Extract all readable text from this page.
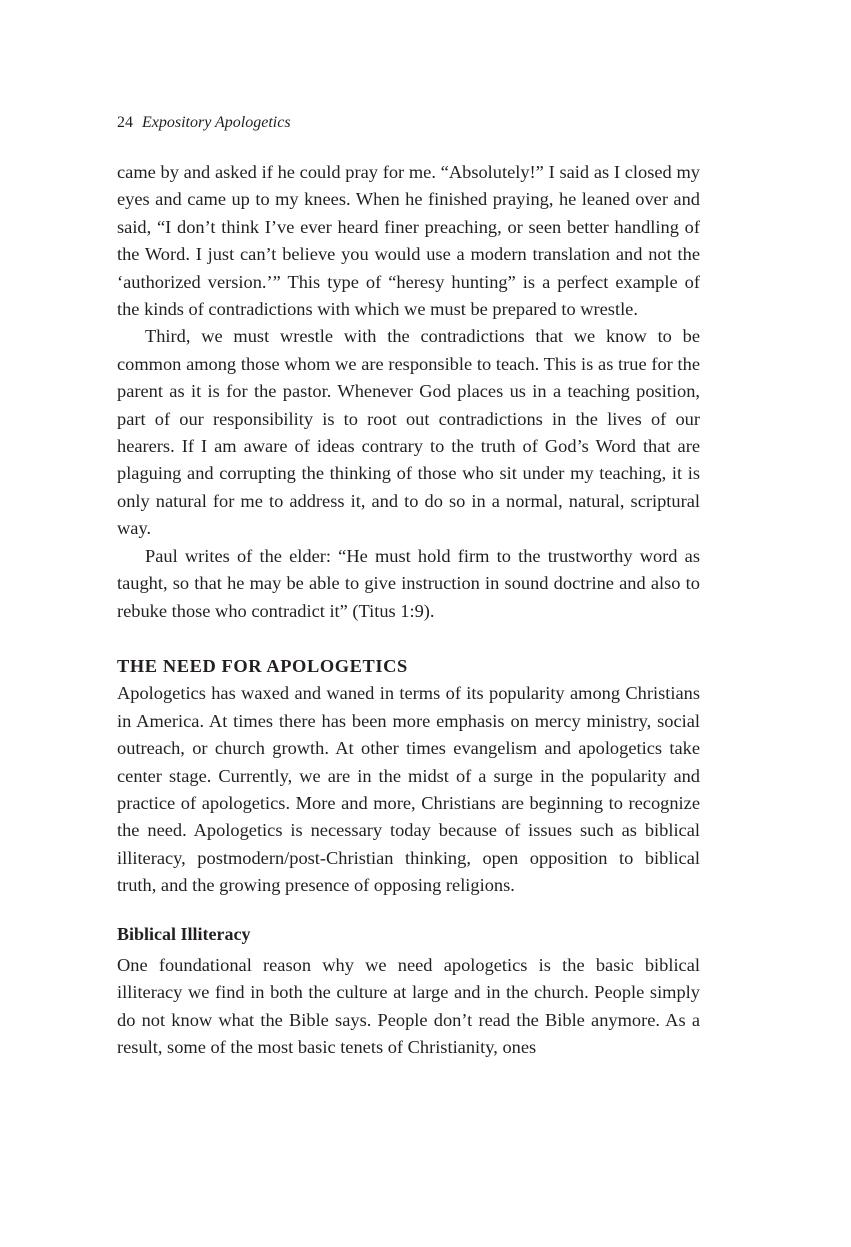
24 Expository Apologetics

came by and asked if he could pray for me. “Absolutely!” I said as I closed my eyes and came up to my knees. When he finished praying, he leaned over and said, “I don’t think I’ve ever heard finer preaching, or seen better handling of the Word. I just can’t believe you would use a modern translation and not the ‘authorized version.’” This type of “heresy hunting” is a perfect example of the kinds of contradictions with which we must be prepared to wrestle.

Third, we must wrestle with the contradictions that we know to be common among those whom we are responsible to teach. This is as true for the parent as it is for the pastor. Whenever God places us in a teaching position, part of our responsibility is to root out contradictions in the lives of our hearers. If I am aware of ideas contrary to the truth of God’s Word that are plaguing and corrupting the thinking of those who sit under my teaching, it is only natural for me to address it, and to do so in a normal, natural, scriptural way.

Paul writes of the elder: “He must hold firm to the trustworthy word as taught, so that he may be able to give instruction in sound doctrine and also to rebuke those who contradict it” (Titus 1:9).

THE NEED FOR APOLOGETICS

Apologetics has waxed and waned in terms of its popularity among Christians in America. At times there has been more emphasis on mercy ministry, social outreach, or church growth. At other times evangelism and apologetics take center stage. Currently, we are in the midst of a surge in the popularity and practice of apologetics. More and more, Christians are beginning to recognize the need. Apologetics is necessary today because of issues such as biblical illiteracy, postmodern/post-Christian thinking, open opposition to biblical truth, and the growing presence of opposing religions.

Biblical Illiteracy

One foundational reason why we need apologetics is the basic biblical illiteracy we find in both the culture at large and in the church. People simply do not know what the Bible says. People don’t read the Bible anymore. As a result, some of the most basic tenets of Christianity, ones
